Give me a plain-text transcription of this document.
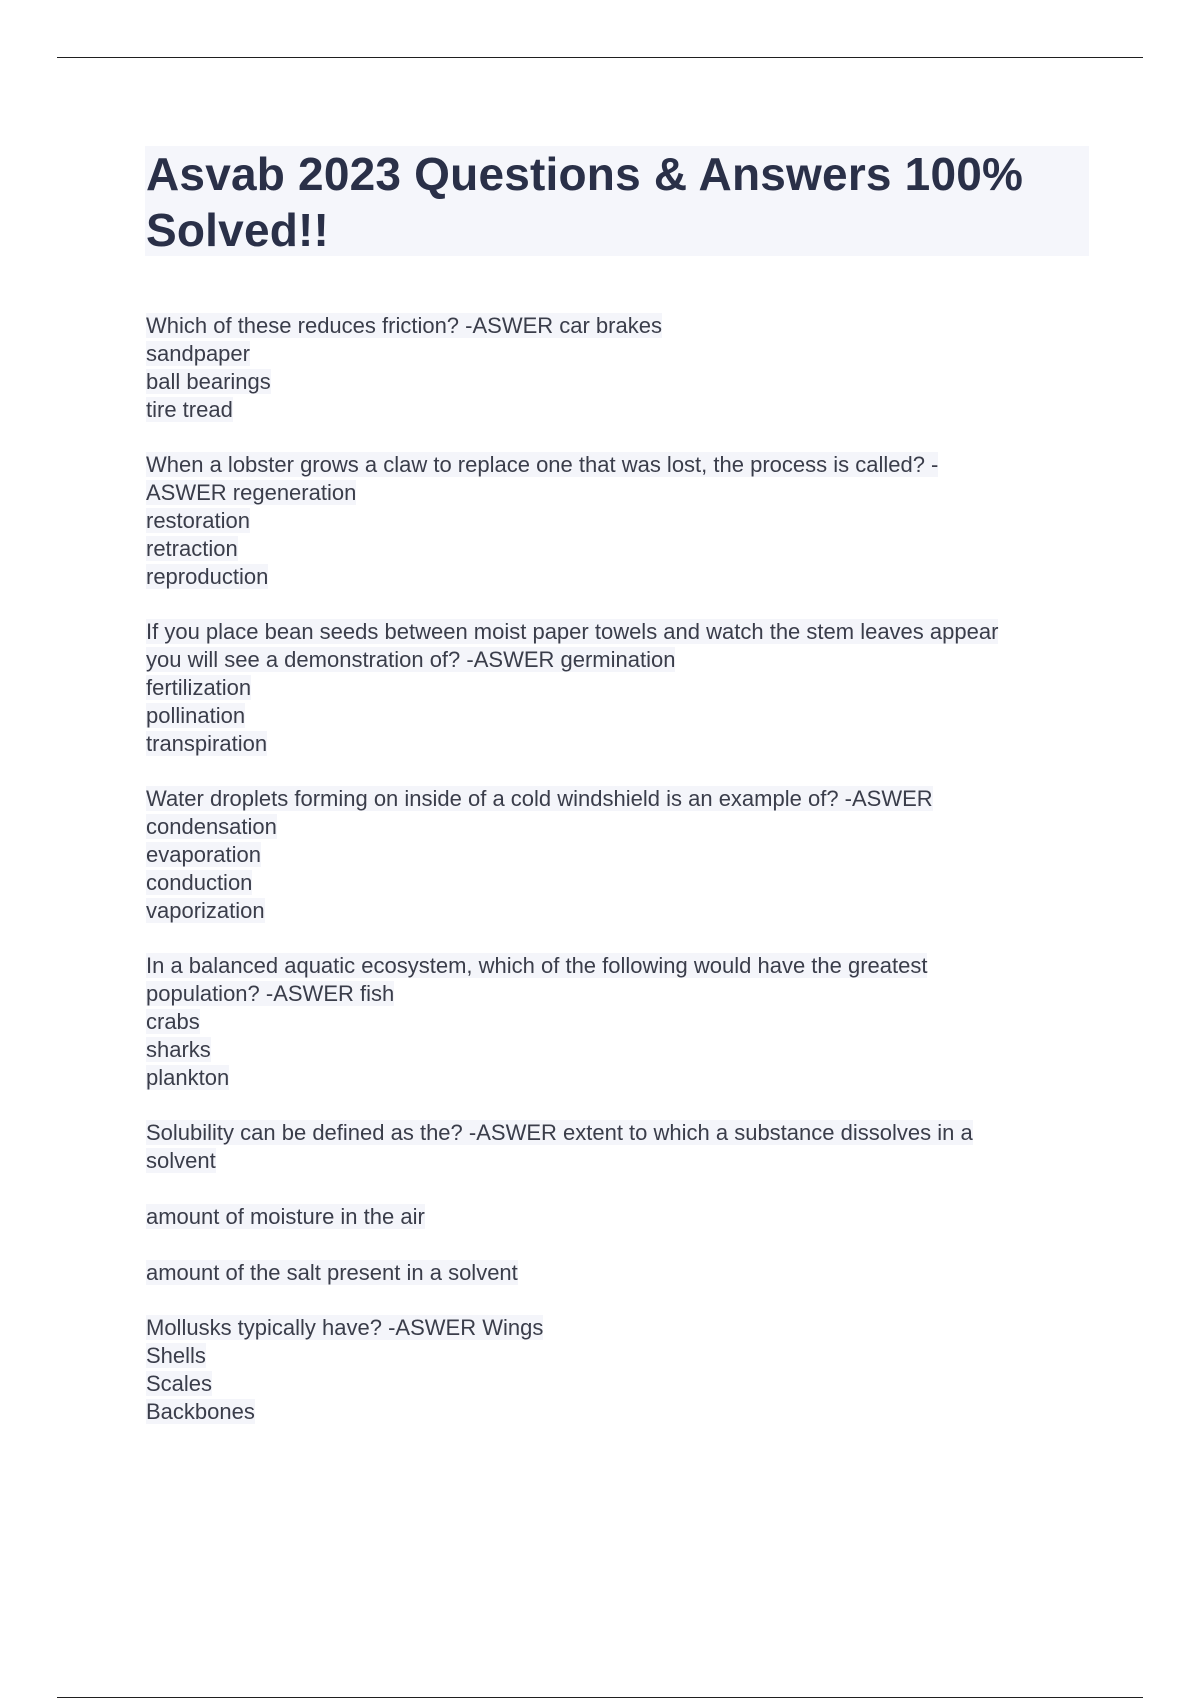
Asvab 2023 Questions & Answers 100%
Solved!!
Which of these reduces friction? -ASWER car brakes
sandpaper
ball bearings
tire tread
When a lobster grows a claw to replace one that was lost, the process is called? -
ASWER regeneration
restoration
retraction
reproduction
If you place bean seeds between moist paper towels and watch the stem leaves appear
you will see a demonstration of? -ASWER germination
fertilization
pollination
transpiration
Water droplets forming on inside of a cold windshield is an example of? -ASWER
condensation
evaporation
conduction
vaporization
In a balanced aquatic ecosystem, which of the following would have the greatest
population? -ASWER fish
crabs
sharks
plankton
Solubility can be defined as the? -ASWER extent to which a substance dissolves in a
solvent
amount of moisture in the air
amount of the salt present in a solvent
Mollusks typically have? -ASWER Wings
Shells
Scales
Backbones
